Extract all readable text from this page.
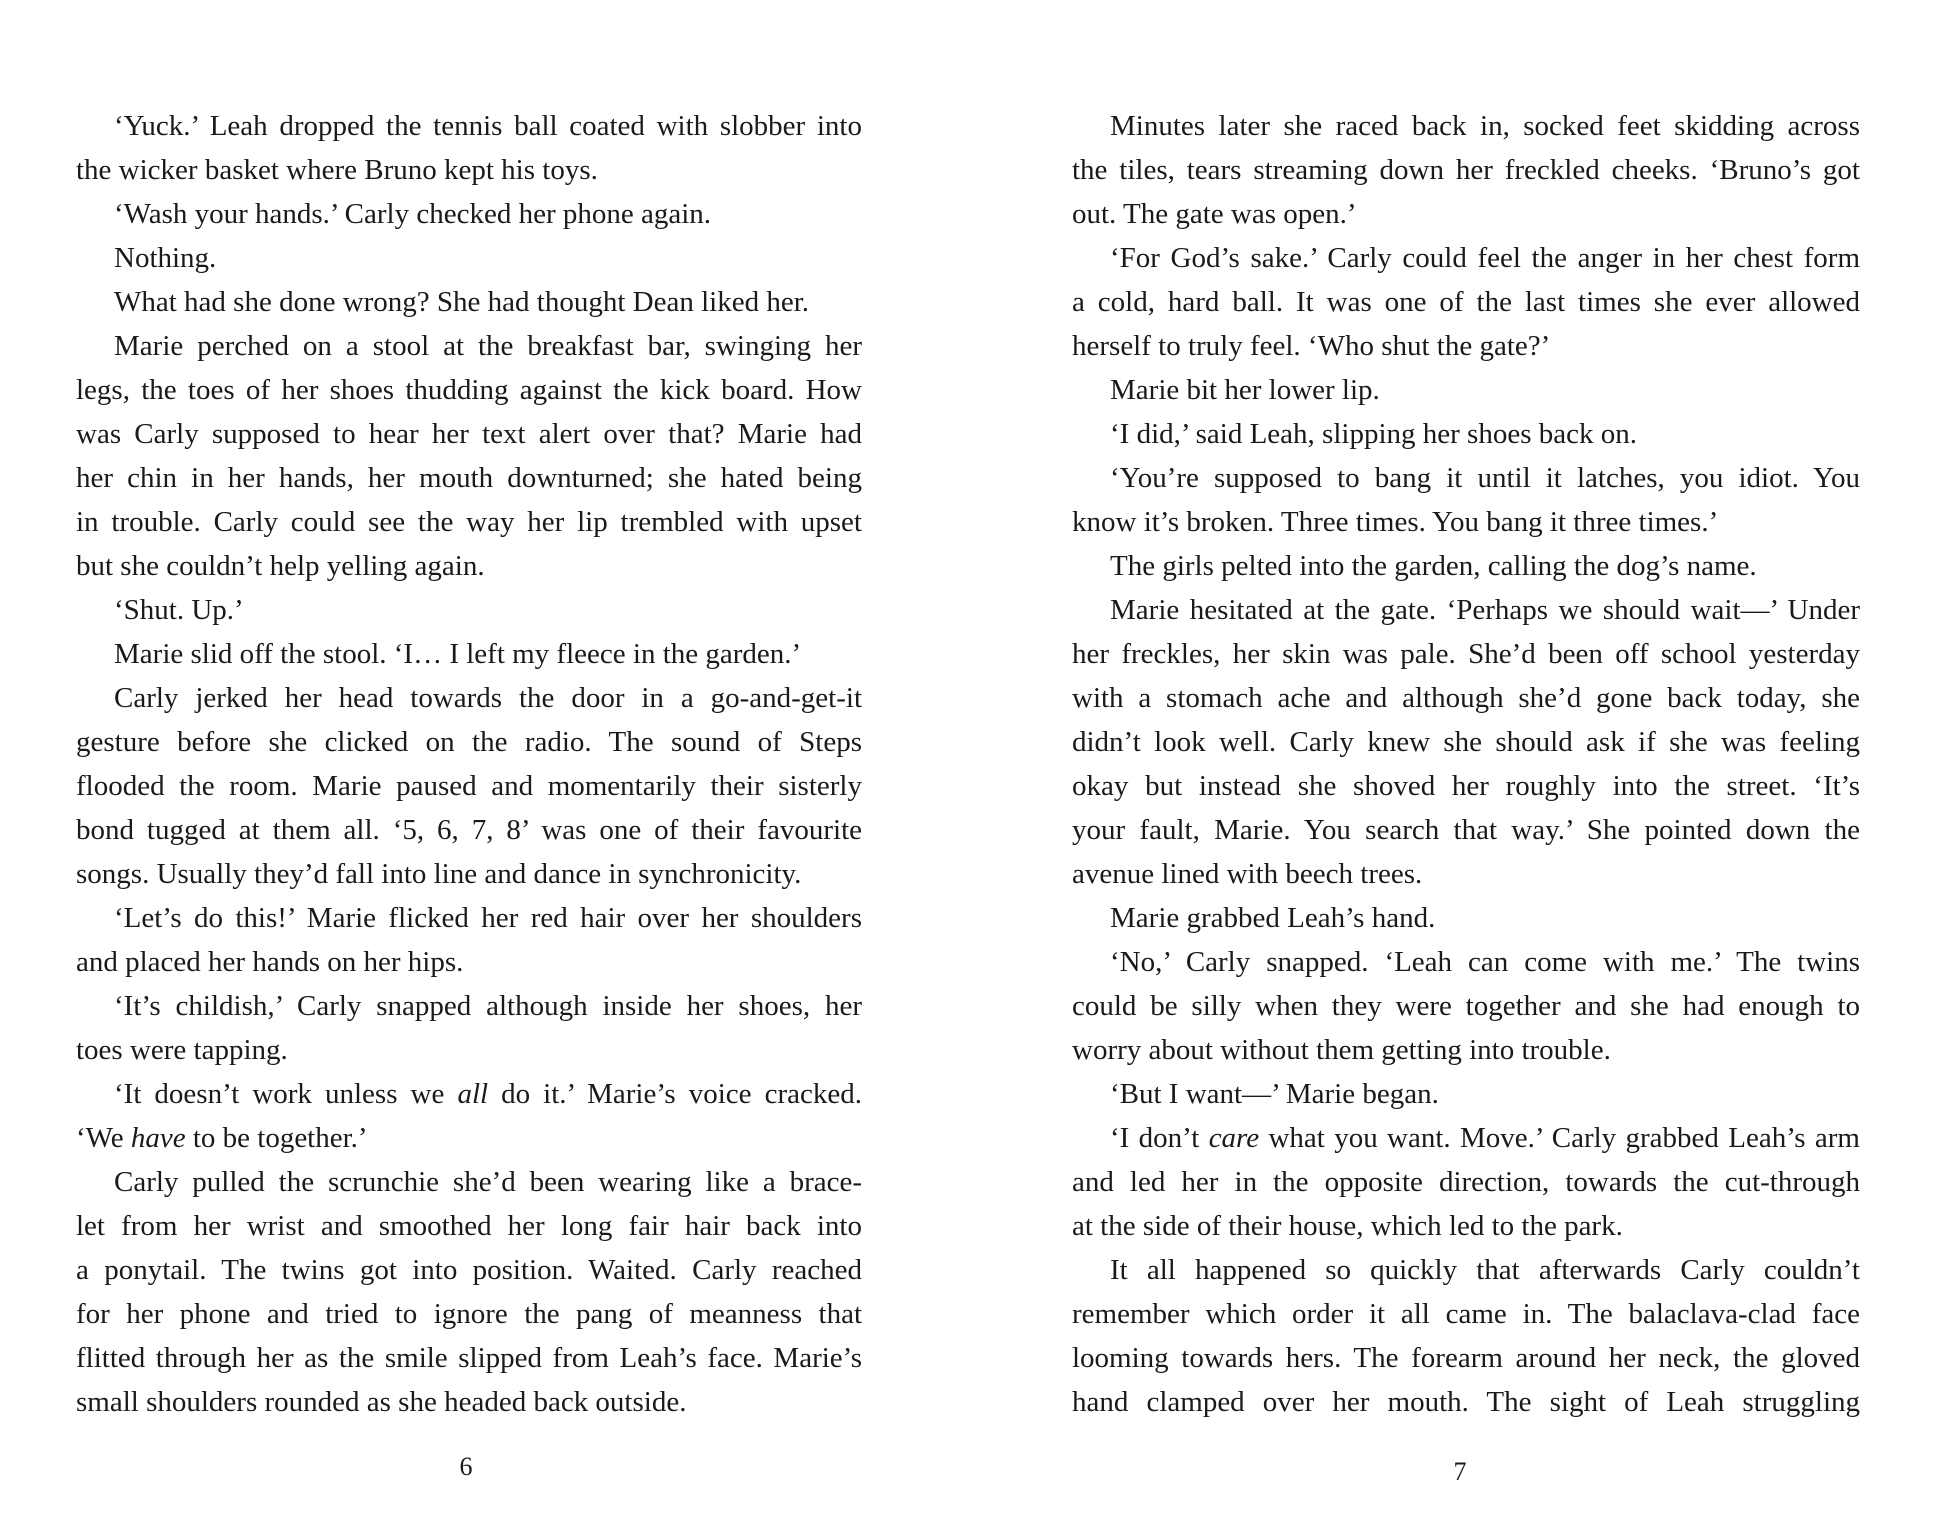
‘Yuck.’ Leah dropped the tennis ball coated with slobber into
the wicker basket where Bruno kept his toys.
‘Wash your hands.’ Carly checked her phone again.
Nothing.
What had she done wrong? She had thought Dean liked her.
Marie perched on a stool at the breakfast bar, swinging her
legs, the toes of her shoes thudding against the kick board. How
was Carly supposed to hear her text alert over that? Marie had
her chin in her hands, her mouth downturned; she hated being
in trouble. Carly could see the way her lip trembled with upset
but she couldn’t help yelling again.
‘Shut. Up.’
Marie slid off the stool. ‘I… I left my fleece in the garden.’
Carly jerked her head towards the door in a go-and-get-it
gesture before she clicked on the radio. The sound of Steps
flooded the room. Marie paused and momentarily their sisterly
bond tugged at them all. ‘5, 6, 7, 8’ was one of their favourite
songs. Usually they’d fall into line and dance in synchronicity.
‘Let’s do this!’ Marie flicked her red hair over her shoulders
and placed her hands on her hips.
‘It’s childish,’ Carly snapped although inside her shoes, her
toes were tapping.
‘It doesn’t work unless we all do it.’ Marie’s voice cracked.
‘We have to be together.’
Carly pulled the scrunchie she’d been wearing like a brace-
let from her wrist and smoothed her long fair hair back into
a ponytail. The twins got into position. Waited. Carly reached
for her phone and tried to ignore the pang of meanness that
flitted through her as the smile slipped from Leah’s face. Marie’s
small shoulders rounded as she headed back outside.
6
Minutes later she raced back in, socked feet skidding across
the tiles, tears streaming down her freckled cheeks. ‘Bruno’s got
out. The gate was open.’
‘For God’s sake.’ Carly could feel the anger in her chest form
a cold, hard ball. It was one of the last times she ever allowed
herself to truly feel. ‘Who shut the gate?’
Marie bit her lower lip.
‘I did,’ said Leah, slipping her shoes back on.
‘You’re supposed to bang it until it latches, you idiot. You
know it’s broken. Three times. You bang it three times.’
The girls pelted into the garden, calling the dog’s name.
Marie hesitated at the gate. ‘Perhaps we should wait—’ Under
her freckles, her skin was pale. She’d been off school yesterday
with a stomach ache and although she’d gone back today, she
didn’t look well. Carly knew she should ask if she was feeling
okay but instead she shoved her roughly into the street. ‘It’s
your fault, Marie. You search that way.’ She pointed down the
avenue lined with beech trees.
Marie grabbed Leah’s hand.
‘No,’ Carly snapped. ‘Leah can come with me.’ The twins
could be silly when they were together and she had enough to
worry about without them getting into trouble.
‘But I want—’ Marie began.
‘I don’t care what you want. Move.’ Carly grabbed Leah’s arm
and led her in the opposite direction, towards the cut-through
at the side of their house, which led to the park.
It all happened so quickly that afterwards Carly couldn’t
remember which order it all came in. The balaclava-clad face
looming towards hers. The forearm around her neck, the gloved
hand clamped over her mouth. The sight of Leah struggling
7
